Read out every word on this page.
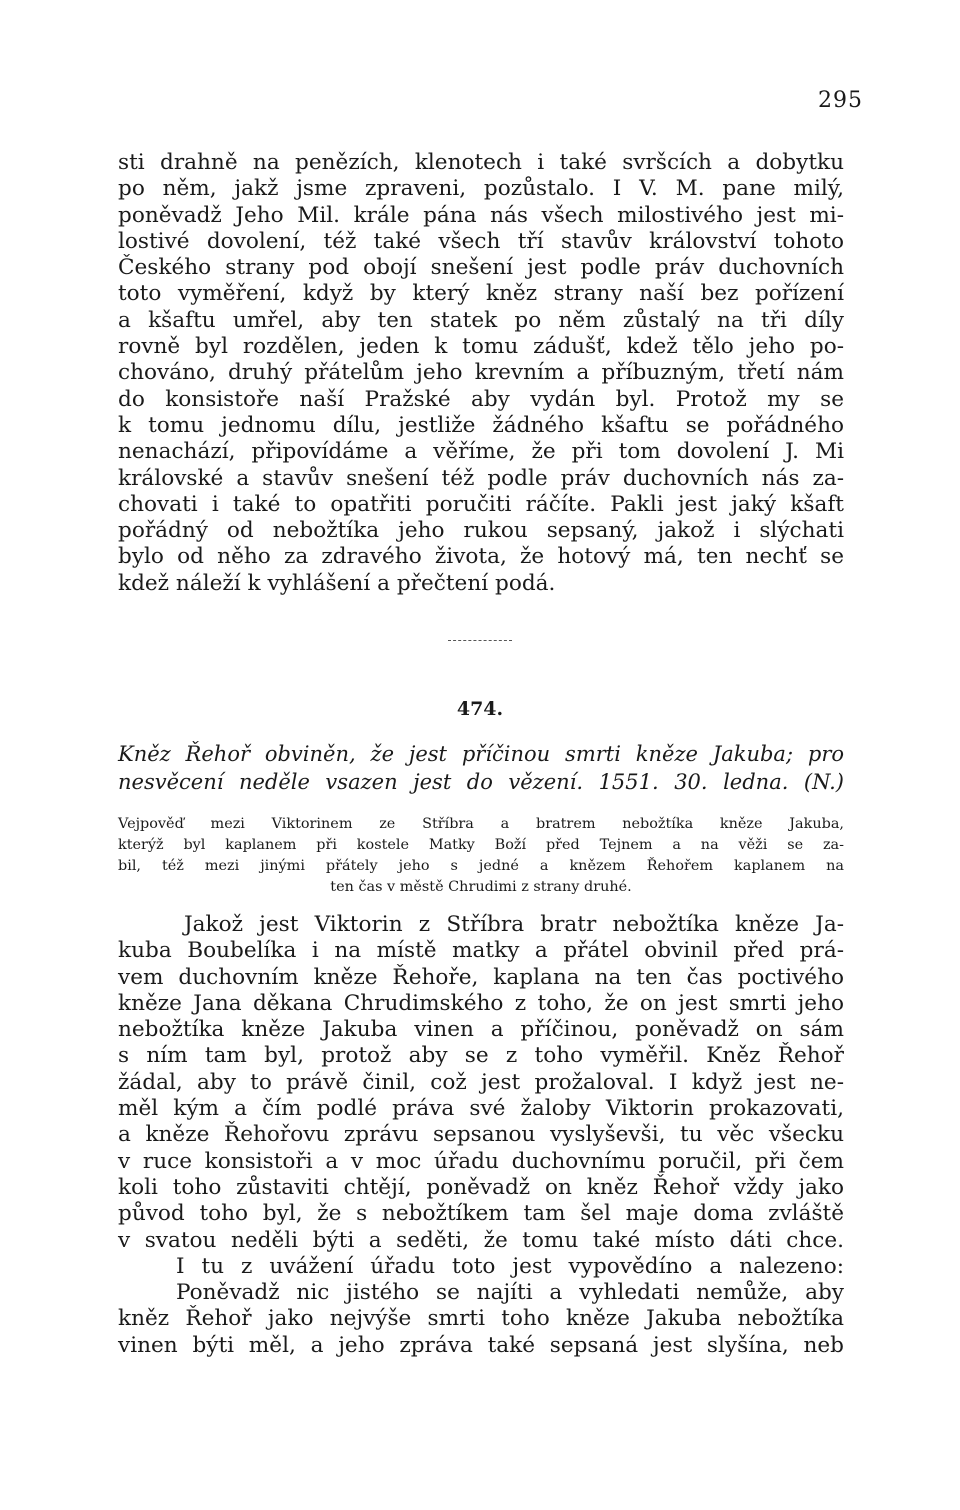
295
sti drahně na penězích, klenotech i také svršcích a dobytku
po něm, jakž jsme zpraveni, pozůstalo. I V. M. pane milý,
poněvadž Jeho Mil. krále pána nás všech milostivého jest mi-
lostivé dovolení, též také všech tří stavův království tohoto
Českého strany pod obojí snešení jest podle práv duchovních
toto vyměření, když by který kněz strany naší bez pořízení
a kšaftu umřel, aby ten statek po něm zůstalý na tři díly
rovně byl rozdělen, jeden k tomu zádušť, kdež tělo jeho po-
chováno, druhý přátelům jeho krevním a příbuzným, třetí nám
do konsistoře naší Pražské aby vydán byl. Protož my se
k tomu jednomu dílu, jestliže žádného kšaftu se pořádného
nenachází, připovídáme a věříme, že při tom dovolení J. Mi
královské a stavův snešení též podle práv duchovních nás za-
chovati i také to opatřiti poručiti ráčíte. Pakli jest jaký kšaft
pořádný od nebožtíka jeho rukou sepsaný, jakož i slýchati
bylo od něho za zdravého života, že hotový má, ten nechť se
kdež náleží k vyhlášení a přečtení podá.
474.
Kněz Řehoř obviněn, že jest příčinou smrti kněze Jakuba; pro
nesvěcení neděle vsazen jest do vězení. 1551. 30. ledna. (N.)
Vejpověď mezi Viktorinem ze Stříbra a bratrem nebožtíka kněze Jakuba,
kterýž byl kaplanem při kostele Matky Boží před Tejnem a na věži se za-
bil, též mezi jinými přátely jeho s jedné a knězem Řehořem kaplanem na
ten čas v městě Chrudimi z strany druhé.
Jakož jest Viktorin z Stříbra bratr nebožtíka kněze Ja-
kuba Boubelíka i na místě matky a přátel obvinil před prá-
vem duchovním kněze Řehoře, kaplana na ten čas poctivého
kněze Jana děkana Chrudimského z toho, že on jest smrti jeho
nebožtíka kněze Jakuba vinen a příčinou, poněvadž on sám
s ním tam byl, protož aby se z toho vyměřil. Kněz Řehoř
žádal, aby to právě činil, což jest prožaloval. I když jest ne-
měl kým a čím podlé práva své žaloby Viktorin prokazovati,
a kněze Řehořovu zprávu sepsanou vyslyševši, tu věc všecku
v ruce konsistoři a v moc úřadu duchovnímu poručil, při čem
koli toho zůstaviti chtějí, poněvadž on kněz Řehoř vždy jako
původ toho byl, že s nebožtíkem tam šel maje doma zvláště
v svatou neděli býti a seděti, že tomu také místo dáti chce.
I tu z uvážení úřadu toto jest vypovědíno a nalezeno:
Poněvadž nic jistého se najíti a vyhledati nemůže, aby
kněz Řehoř jako nejvýše smrti toho kněze Jakuba nebožtíka
vinen býti měl, a jeho zpráva také sepsaná jest slyšína, neb
